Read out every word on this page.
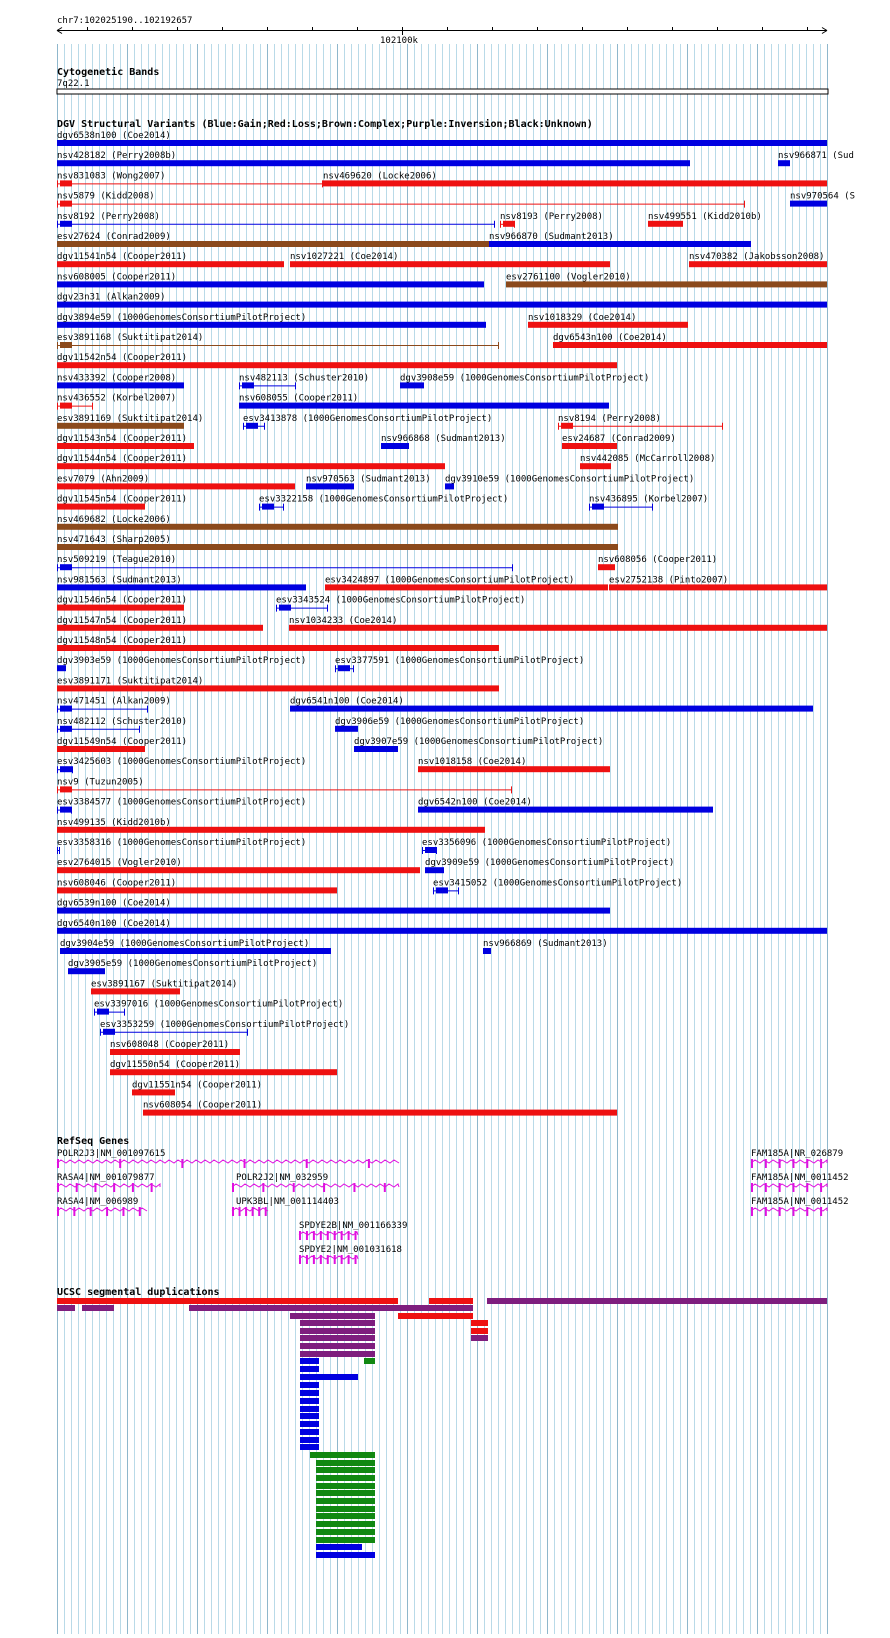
chr7:102025190..102192657
102100k
Cytogenetic Bands
7q22.1
DGV Structural Variants (Blue:Gain;Red:Loss;Brown:Complex;Purple:Inversion;Black:Unknown)
dgv6538n100 (Coe2014)
nsv428182 (Perry2008b)	nsv966871 (Sud
nsv831083 (Wong2007)	nsv469620 (Locke2006)
nsv5879 (Kidd2008)	nsv970564 (S
nsv8192 (Perry2008)	nsv8193 (Perry2008)	nsv499551 (Kidd2010b)
esv27624 (Conrad2009)	nsv966870 (Sudmant2013)
dgv11541n54 (Cooper2011)	nsv1027221 (Coe2014)	nsv470382 (Jakobsson2008)
nsv608005 (Cooper2011)	esv2761100 (Vogler2010)
dgv23n31 (Alkan2009)
dgv3894e59 (1000GenomesConsortiumPilotProject)	nsv1018329 (Coe2014)
esv3891168 (Suktitipat2014)	dgv6543n100 (Coe2014)
dgv11542n54 (Cooper2011)
nsv433392 (Cooper2008)	nsv482113 (Schuster2010)	dgv3908e59 (1000GenomesConsortiumPilotProject)
nsv436552 (Korbel2007)	nsv608055 (Cooper2011)
esv3891169 (Suktitipat2014)	esv3413878 (1000GenomesConsortiumPilotProject)	nsv8194 (Perry2008)
dgv11543n54 (Cooper2011)	nsv966868 (Sudmant2013)	esv24687 (Conrad2009)
dgv11544n54 (Cooper2011)	nsv442085 (McCarroll2008)
esv7079 (Ahn2009)	nsv970563 (Sudmant2013) dgv3910e59 (1000GenomesConsortiumPilotProject)
dgv11545n54 (Cooper2011)	esv3322158 (1000GenomesConsortiumPilotProject)	nsv436895 (Korbel2007)
nsv469682 (Locke2006)
nsv471643 (Sharp2005)
nsv509219 (Teague2010)	nsv608056 (Cooper2011)
nsv981563 (Sudmant2013)	esv3424897 (1000GenomesConsortiumPilotProject)	esv2752138 (Pinto2007)
dgv11546n54 (Cooper2011)	esv3343524 (1000GenomesConsortiumPilotProject)
dgv11547n54 (Cooper2011)	nsv1034233 (Coe2014)
dgv11548n54 (Cooper2011)
dgv3903e59 (1000GenomesConsortiumPilotProject)	esv3377591 (1000GenomesConsortiumPilotProject)
esv3891171 (Suktitipat2014)
nsv471451 (Alkan2009)	dgv6541n100 (Coe2014)
nsv482112 (Schuster2010)	dgv3906e59 (1000GenomesConsortiumPilotProject)
dgv11549n54 (Cooper2011)	dgv3907e59 (1000GenomesConsortiumPilotProject)
esv3425603 (1000GenomesConsortiumPilotProject)	nsv1018158 (Coe2014)
nsv9 (Tuzun2005)
esv3384577 (1000GenomesConsortiumPilotProject)	dgv6542n100 (Coe2014)
nsv499135 (Kidd2010b)
esv3358316 (1000GenomesConsortiumPilotProject)	esv3356096 (1000GenomesConsortiumPilotProject)
esv2764015 (Vogler2010)	dgv3909e59 (1000GenomesConsortiumPilotProject)
nsv608046 (Cooper2011)	esv3415052 (1000GenomesConsortiumPilotProject)
dgv6539n100 (Coe2014)
dgv6540n100 (Coe2014)
dgv3904e59 (1000GenomesConsortiumPilotProject)	nsv966869 (Sudmant2013)
dgv3905e59 (1000GenomesConsortiumPilotProject)
esv3891167 (Suktitipat2014)
esv3397016 (1000GenomesConsortiumPilotProject)
esv3353259 (1000GenomesConsortiumPilotProject)
nsv608048 (Cooper2011)
dgv11550n54 (Cooper2011)
dgv11551n54 (Cooper2011)
nsv608054 (Cooper2011)
RefSeq Genes
POLR2J3|NM_001097615	FAM185A|NR_026879
RASA4|NM_001079877	POLR2J2|NM_032959	FAM185A|NM_0011452
RASA4|NM_006989	UPK3BL|NM_001114403	FAM185A|NM_0011452
SPDYE2B|NM_001166339
SPDYE2|NM_001031618
UCSC segmental duplications
